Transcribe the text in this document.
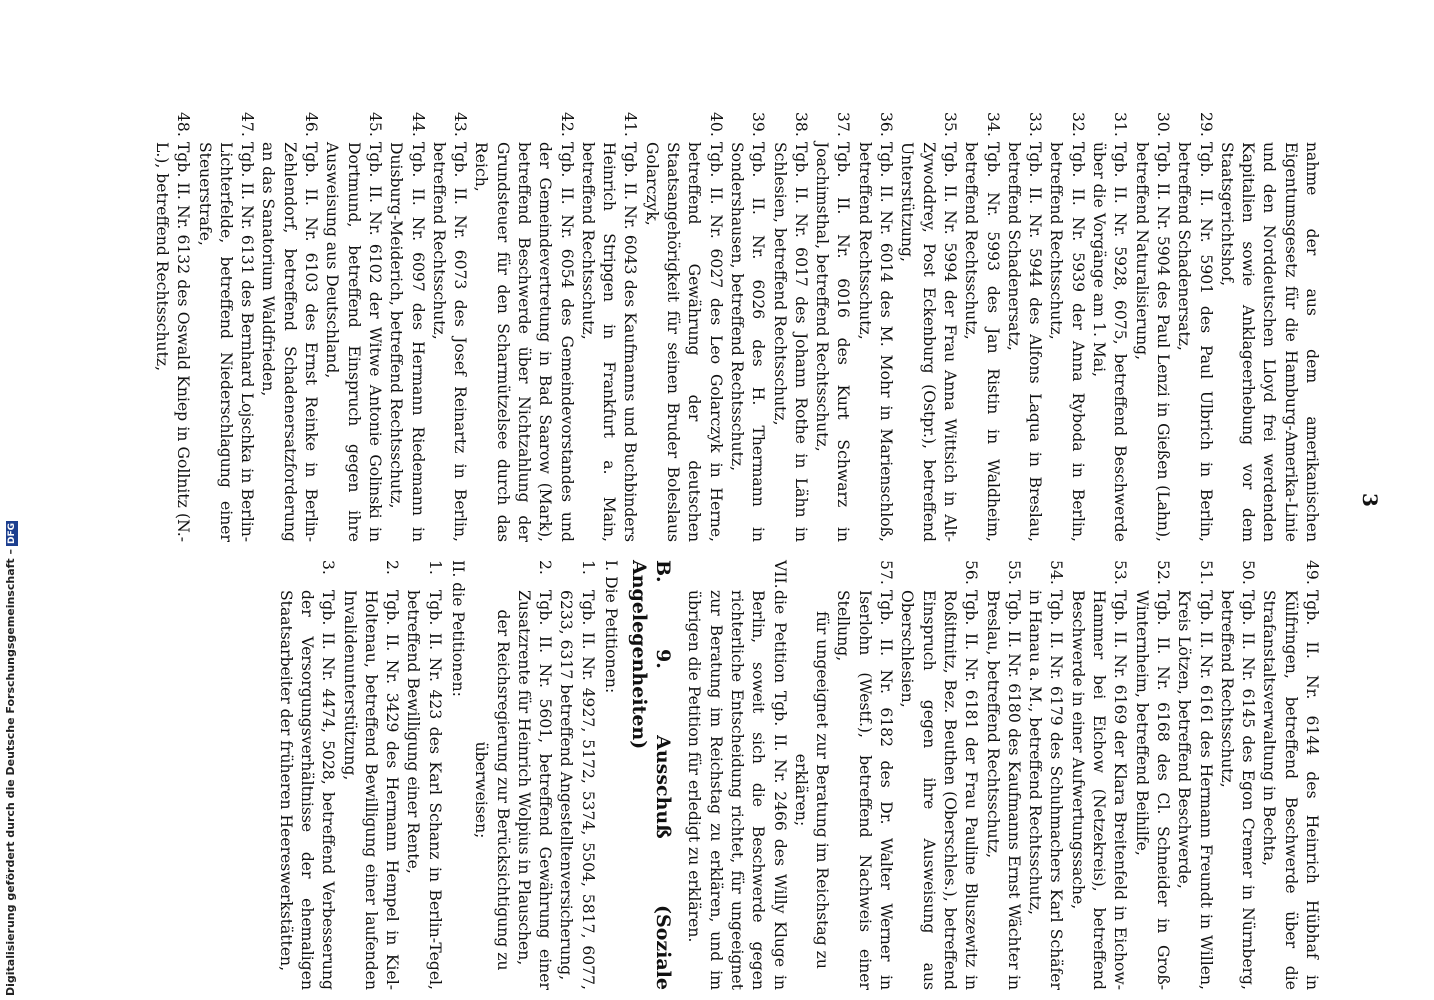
3

nahme der aus dem amerikanischen Eigentumsgesetz für die Hamburg-Amerika-Linie und den Norddeutschen Lloyd frei werdenden Kapitalien sowie Anklageerhebung vor dem Staatsgerichtshof,

29.
Tgb. II. Nr. 5901 des Paul Ulbrich in Berlin, betreffend Schadenersatz,

30.
Tgb. II. Nr. 5904 des Paul Lenzi in Gießen (Lahn), betreffend Naturalisierung,

31.
Tgb. II. Nr. 5928, 6075, betreffend Beschwerde über die Vorgänge am 1. Mai,

32.
Tgb. II. Nr. 5939 der Anna Ryboda in Berlin, betreffend Rechtsschutz,

33.
Tgb. II. Nr. 5944 des Alfons Laqua in Breslau, betreffend Schadenersatz,

34.
Tgb. Nr. 5993 des Jan Ristin in Waldheim, betreffend Rechtsschutz,

35.
Tgb. II. Nr. 5994 der Frau Anna Wittsich in Alt-Zywoddrey, Post Eckenburg (Ostpr.), betreffend Unterstützung,

36.
Tgb. II. Nr. 6014 des M. Mohr in Marienschloß, betreffend Rechtsschutz,

37.
Tgb. II. Nr. 6016 des Kurt Schwarz in Joachimsthal, betreffend Rechtsschutz,

38.
Tgb. II. Nr. 6017 des Johann Rothe in Lähn in Schlesien, betreffend Rechtsschutz,

39.
Tgb. II. Nr. 6026 des H. Thermann in Sondershausen, betreffend Rechtsschutz,

40.
Tgb. II. Nr. 6027 des Leo Golarczyk in Herne, betreffend Gewährung der deutschen Staatsangehörigkeit für seinen Bruder Boleslaus Golarczyk,

41.
Tgb. II. Nr. 6043 des Kaufmanns und Buchbinders Heinrich Stripgen in Frankfurt a. Main, betreffend Rechtsschutz,

42.
Tgb. II. Nr. 6054 des Gemeindevorstandes und der Gemeindevertretung in Bad Saarow (Mark), betreffend Beschwerde über Nichtzahlung der Grundsteuer für den Scharmützelsee durch das Reich,

43.
Tgb. II. Nr. 6073 des Josef Reinartz in Berlin, betreffend Rechtsschutz,

44.
Tgb. II. Nr. 6097 des Hermann Riedemann in Duisburg-Meiderich, betreffend Rechtsschutz,

45.
Tgb. II. Nr. 6102 der Witwe Antonie Golinski in Dortmund, betreffend Einspruch gegen ihre Ausweisung aus Deutschland,

46.
Tgb. II. Nr. 6103 des Ernst Reinke in Berlin-Zehlendorf, betreffend Schadenersatzforderung an das Sanatorium Waldfrieden,

47.
Tgb. II. Nr. 6131 des Bernhard Lojschka in Berlin-Lichterfelde, betreffend Niederschlagung einer Steuerstrafe,

48.
Tgb. II. Nr. 6132 des Oswald Kniep in Gollnitz (N.-L.), betreffend Rechtsschutz,

49.
Tgb. II. Nr. 6144 des Heinrich Hübhaf in Külfringen, betreffend Beschwerde über die Strafanstaltsverwaltung in Bechta,

50.
Tgb. II. Nr. 6145 des Egon Cremer in Nürnberg, betreffend Rechtsschutz,

51.
Tgb. II. Nr. 6161 des Hermann Freundt in Willen, Kreis Lötzen, betreffend Beschwerde,

52.
Tgb. II. Nr. 6168 des Cl. Schneider in Groß-Winternheim, betreffend Beihilfe,

53.
Tgb. II. Nr. 6169 der Klara Breitenfeld in Eichow-Hammer bei Eichow (Netzekreis), betreffend Beschwerde in einer Aufwertungssache,

54.
Tgb. II. Nr. 6179 des Schuhmachers Karl Schäfer in Hanau a. M., betreffend Rechtsschutz,

55.
Tgb. II. Nr. 6180 des Kaufmanns Ernst Wächter in Breslau, betreffend Rechtsschutz,

56.
Tgb. II. Nr. 6181 der Frau Pauline Bluszewitz in Roßittnitz, Bez. Beuthen (Oberschles.), betreffend Einspruch gegen ihre Ausweisung aus Oberschlesien,

57.
Tgb. II. Nr. 6182 des Dr. Walter Werner in Iserlohn (Westf.), betreffend Nachweis einer Stellung,

für ungeeignet zur Beratung im Reichstag zu erklären;

VII.
die Petition Tgb. II. Nr. 2466 des Willy Kluge in Berlin, soweit sich die Beschwerde gegen richterliche Entscheidung richtet, für ungeeignet zur Beratung im Reichstag zu erklären, und im übrigen die Petition für erledigt zu erklären.

B. 9. Ausschuß (Soziale Angelegenheiten)
I. Die Petitionen:

1.
Tgb. II. Nr. 4927, 5172, 5374, 5504, 5817, 6077, 6233, 6317 betreffend Angestelltenversicherung,

2.
Tgb. II. Nr. 5601, betreffend Gewährung einer Zusatzrente für Heinrich Wolpius in Plauschen,

der Reichsregierung zur Berücksichtigung zu überweisen;
II. die Petitionen:

1.
Tgb. II. Nr. 423 des Karl Schanz in Berlin-Tegel, betreffend Bewilligung einer Rente,

2.
Tgb. II. Nr. 3429 des Hermann Hempel in Kiel-Holtenau, betreffend Bewilligung einer laufenden Invalidenunterstützung,

3.
Tgb. II. Nr. 4474, 5028, betreffend Verbesserung der Versorgungsverhältnisse der ehemaligen Staatsarbeiter der früheren Heereswerkstätten,

Digitalisierung gefördert durch die Deutsche Forschungsgemeinschaft –DFG
